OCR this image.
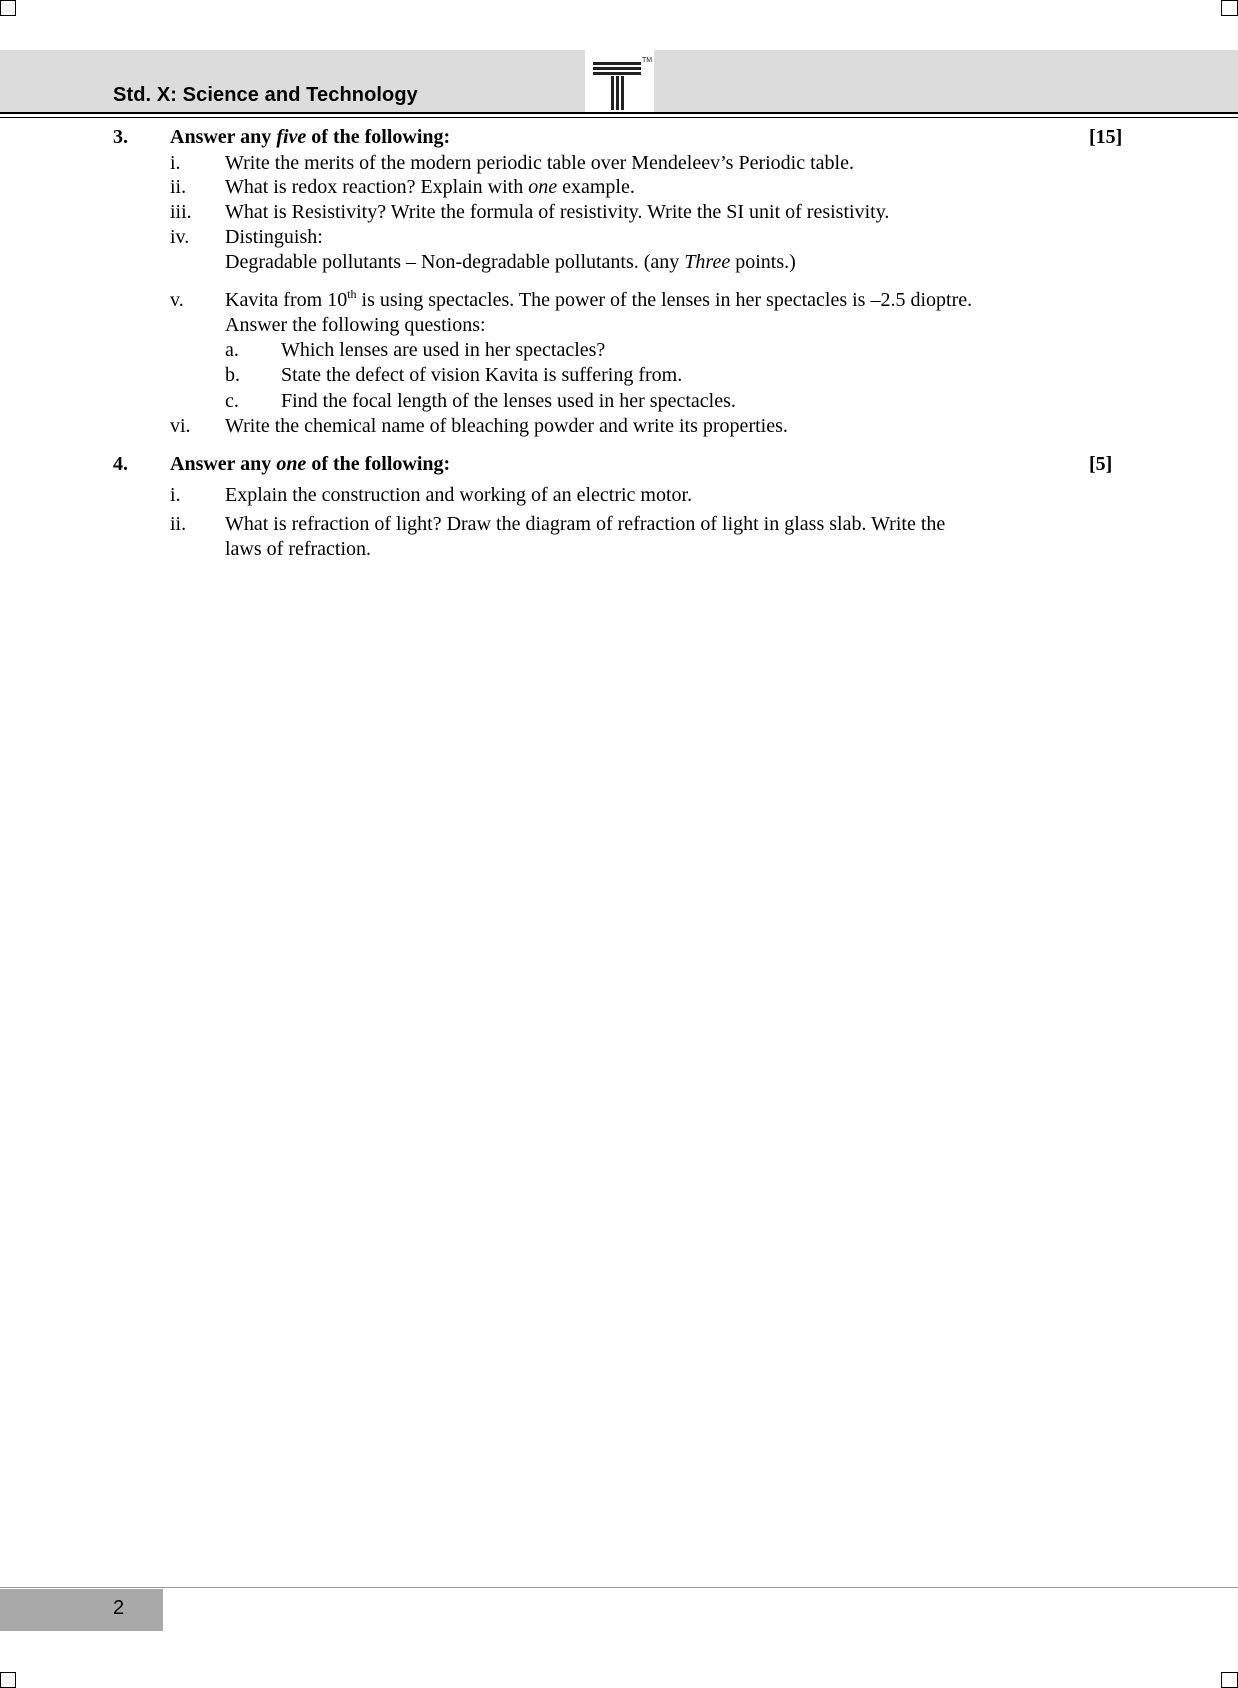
Std. X: Science and Technology
TM
3. Answer any five of the following:	[15]
i. Write the merits of the modern periodic table over Mendeleev’s Periodic table.
ii. What is redox reaction? Explain with one example.
iii. What is Resistivity? Write the formula of resistivity. Write the SI unit of resistivity.
iv. Distinguish:
Degradable pollutants – Non-degradable pollutants. (any Three points.)
v. Kavita from 10th is using spectacles. The power of the lenses in her spectacles is –2.5 dioptre.
Answer the following questions:
a. Which lenses are used in her spectacles?
b. State the defect of vision Kavita is suffering from.
c. Find the focal length of the lenses used in her spectacles.
vi. Write the chemical name of bleaching powder and write its properties.
4. Answer any one of the following:	[5]
i. Explain the construction and working of an electric motor.
ii. What is refraction of light? Draw the diagram of refraction of light in glass slab. Write the
laws of refraction.
2
